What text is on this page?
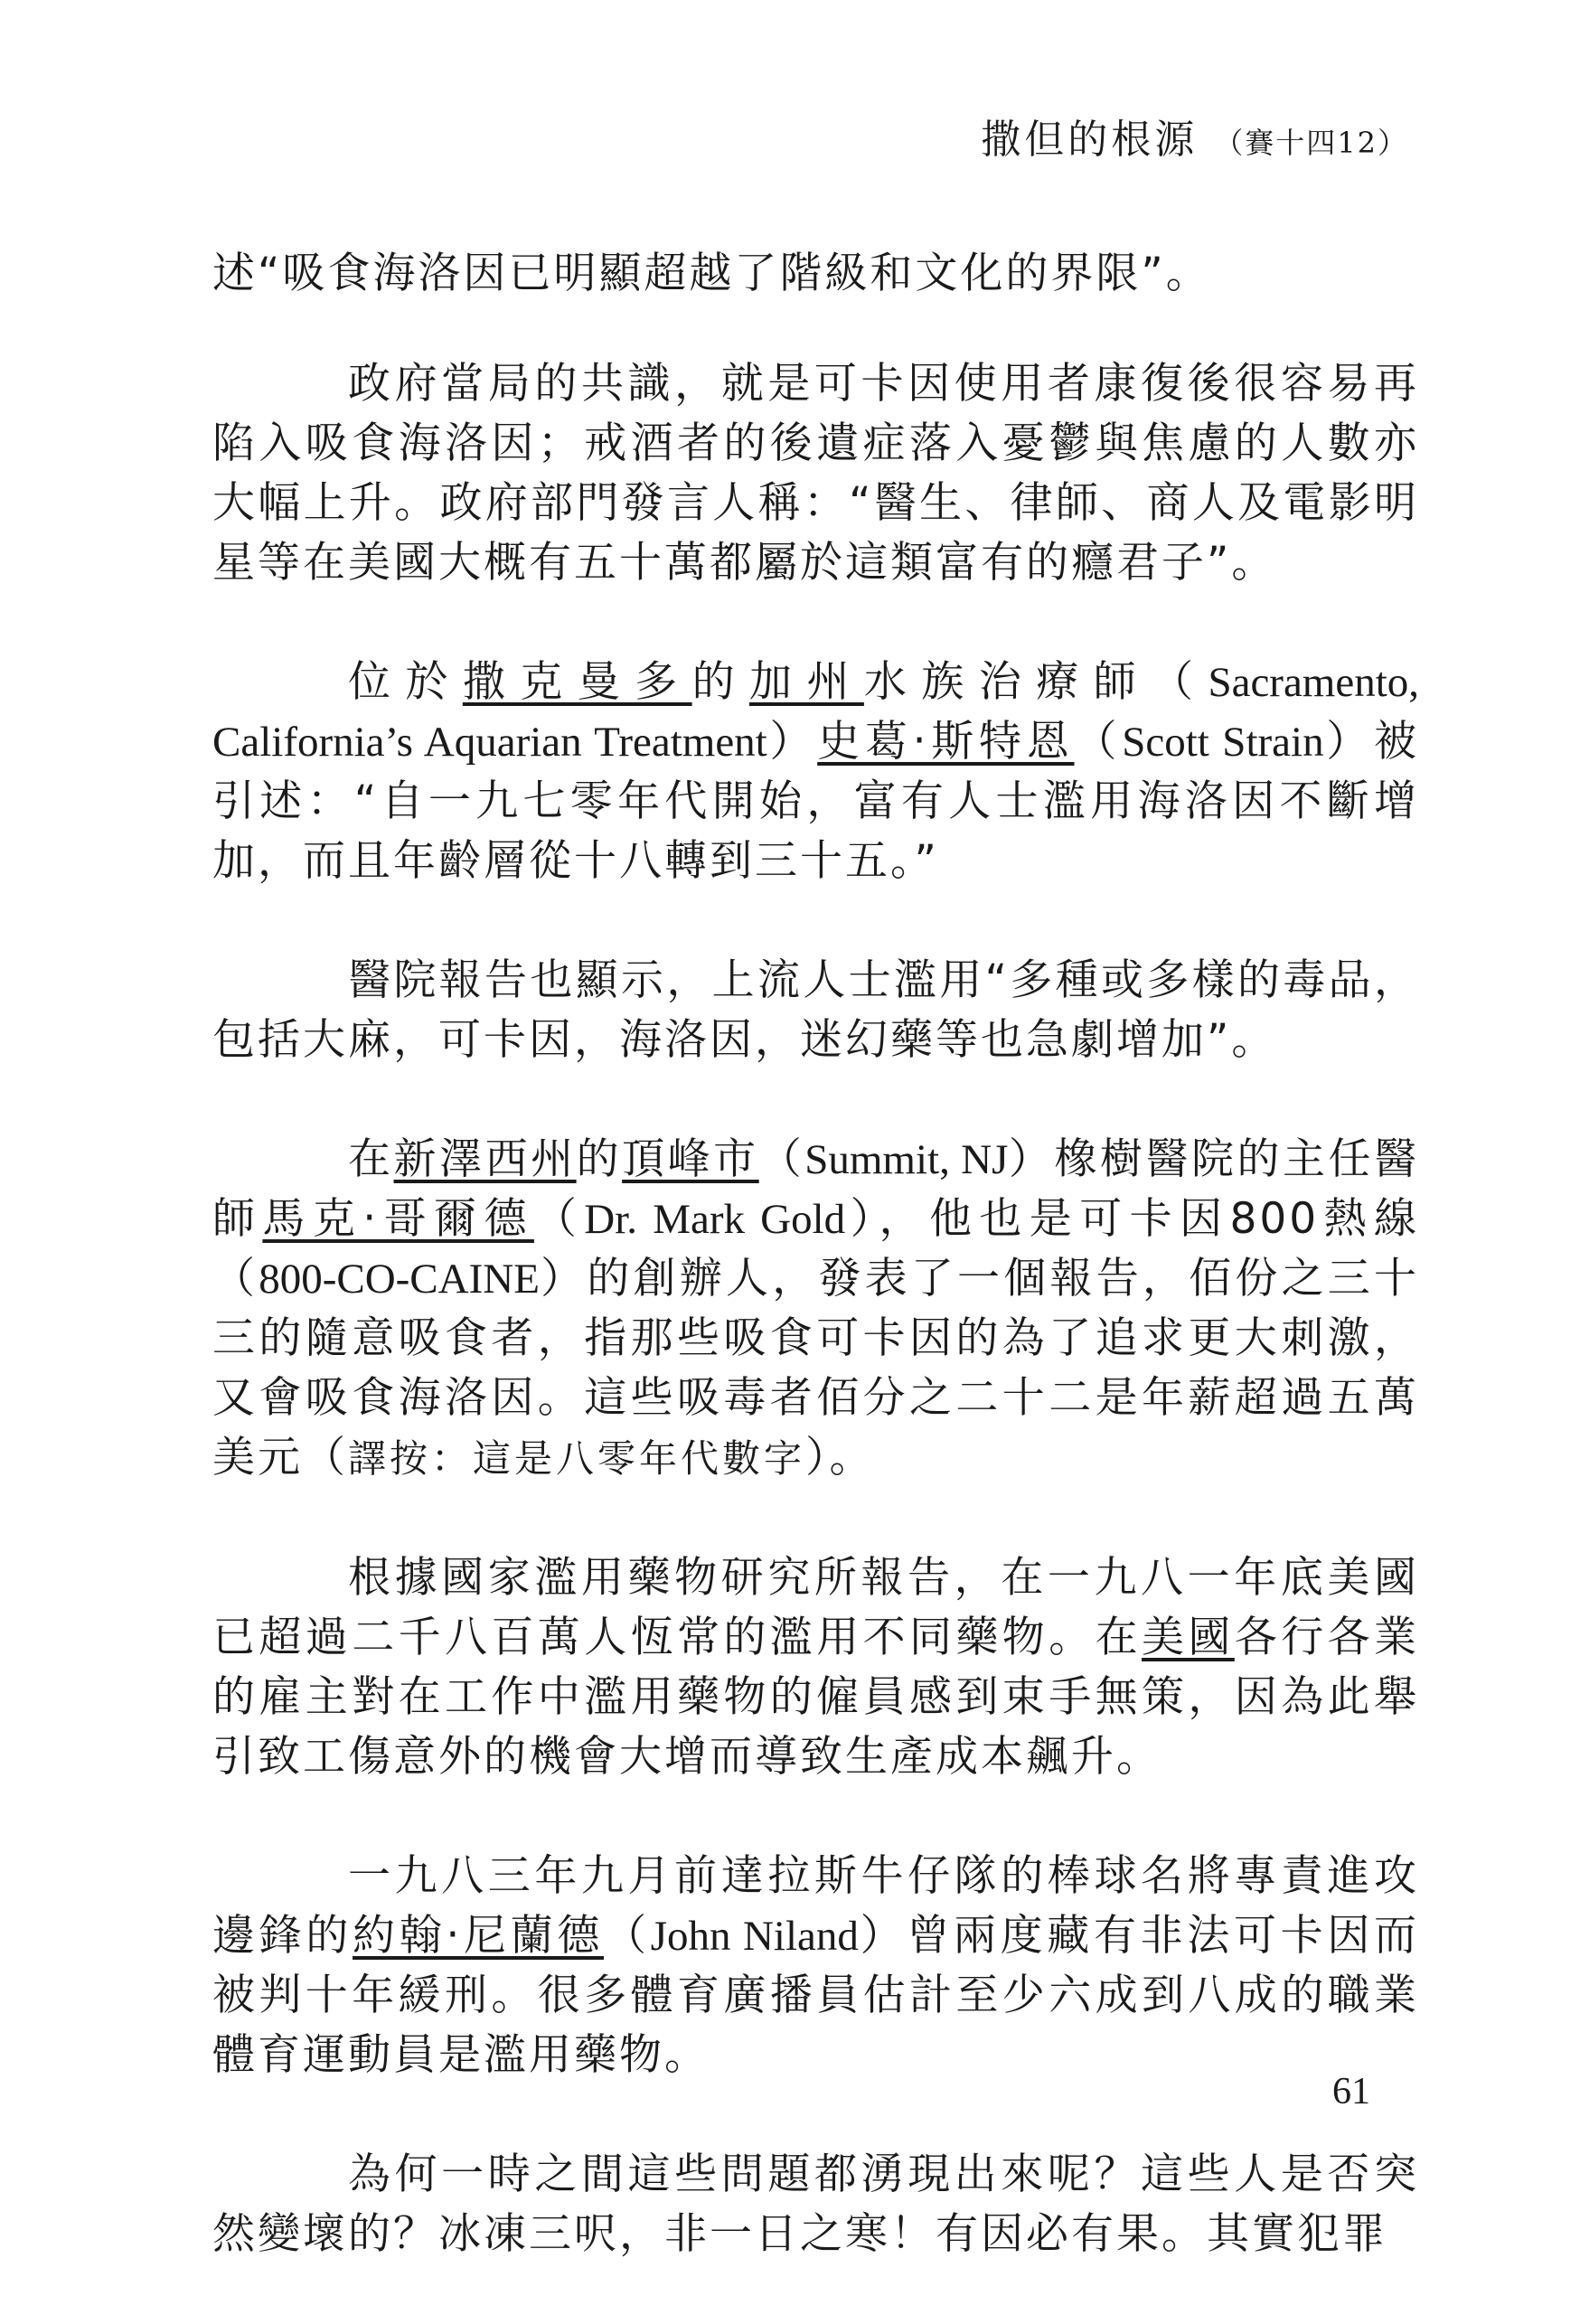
撒但的根源 （賽十四12）

述“吸食海洛因已明顯超越了階級和文化的界限”。

政府當局的共識，就是可卡因使用者康復後很容易再陷入吸食海洛因；戒酒者的後遺症落入憂鬱與焦慮的人數亦大幅上升。政府部門發言人稱：“醫生、律師、商人及電影明星等在美國大概有五十萬都屬於這類富有的癮君子”。

位於撒克曼多的加州水族治療師（Sacramento, California’s Aquarian Treatment）史葛‧斯特恩（Scott Strain）被引述：“自一九七零年代開始，富有人士濫用海洛因不斷增加，而且年齡層從十八轉到三十五。”

醫院報告也顯示，上流人士濫用“多種或多樣的毒品，包括大麻，可卡因，海洛因，迷幻藥等也急劇增加”。

在新澤西州的頂峰市（Summit, NJ）橡樹醫院的主任醫師馬克‧哥爾德（Dr. Mark Gold），他也是可卡因800熱線（800-CO-CAINE）的創辦人，發表了一個報告，佰份之三十三的隨意吸食者，指那些吸食可卡因的為了追求更大刺激，又會吸食海洛因。這些吸毒者佰分之二十二是年薪超過五萬美元（譯按：這是八零年代數字）。

根據國家濫用藥物研究所報告，在一九八一年底美國已超過二千八百萬人恆常的濫用不同藥物。在美國各行各業的雇主對在工作中濫用藥物的僱員感到束手無策，因為此舉引致工傷意外的機會大增而導致生產成本飆升。

一九八三年九月前達拉斯牛仔隊的棒球名將專責進攻邊鋒的約翰‧尼蘭德（John Niland）曾兩度藏有非法可卡因而被判十年緩刑。很多體育廣播員估計至少六成到八成的職業體育運動員是濫用藥物。

為何一時之間這些問題都湧現出來呢？這些人是否突然變壞的？冰凍三呎，非一日之寒！有因必有果。其實犯罪

61
